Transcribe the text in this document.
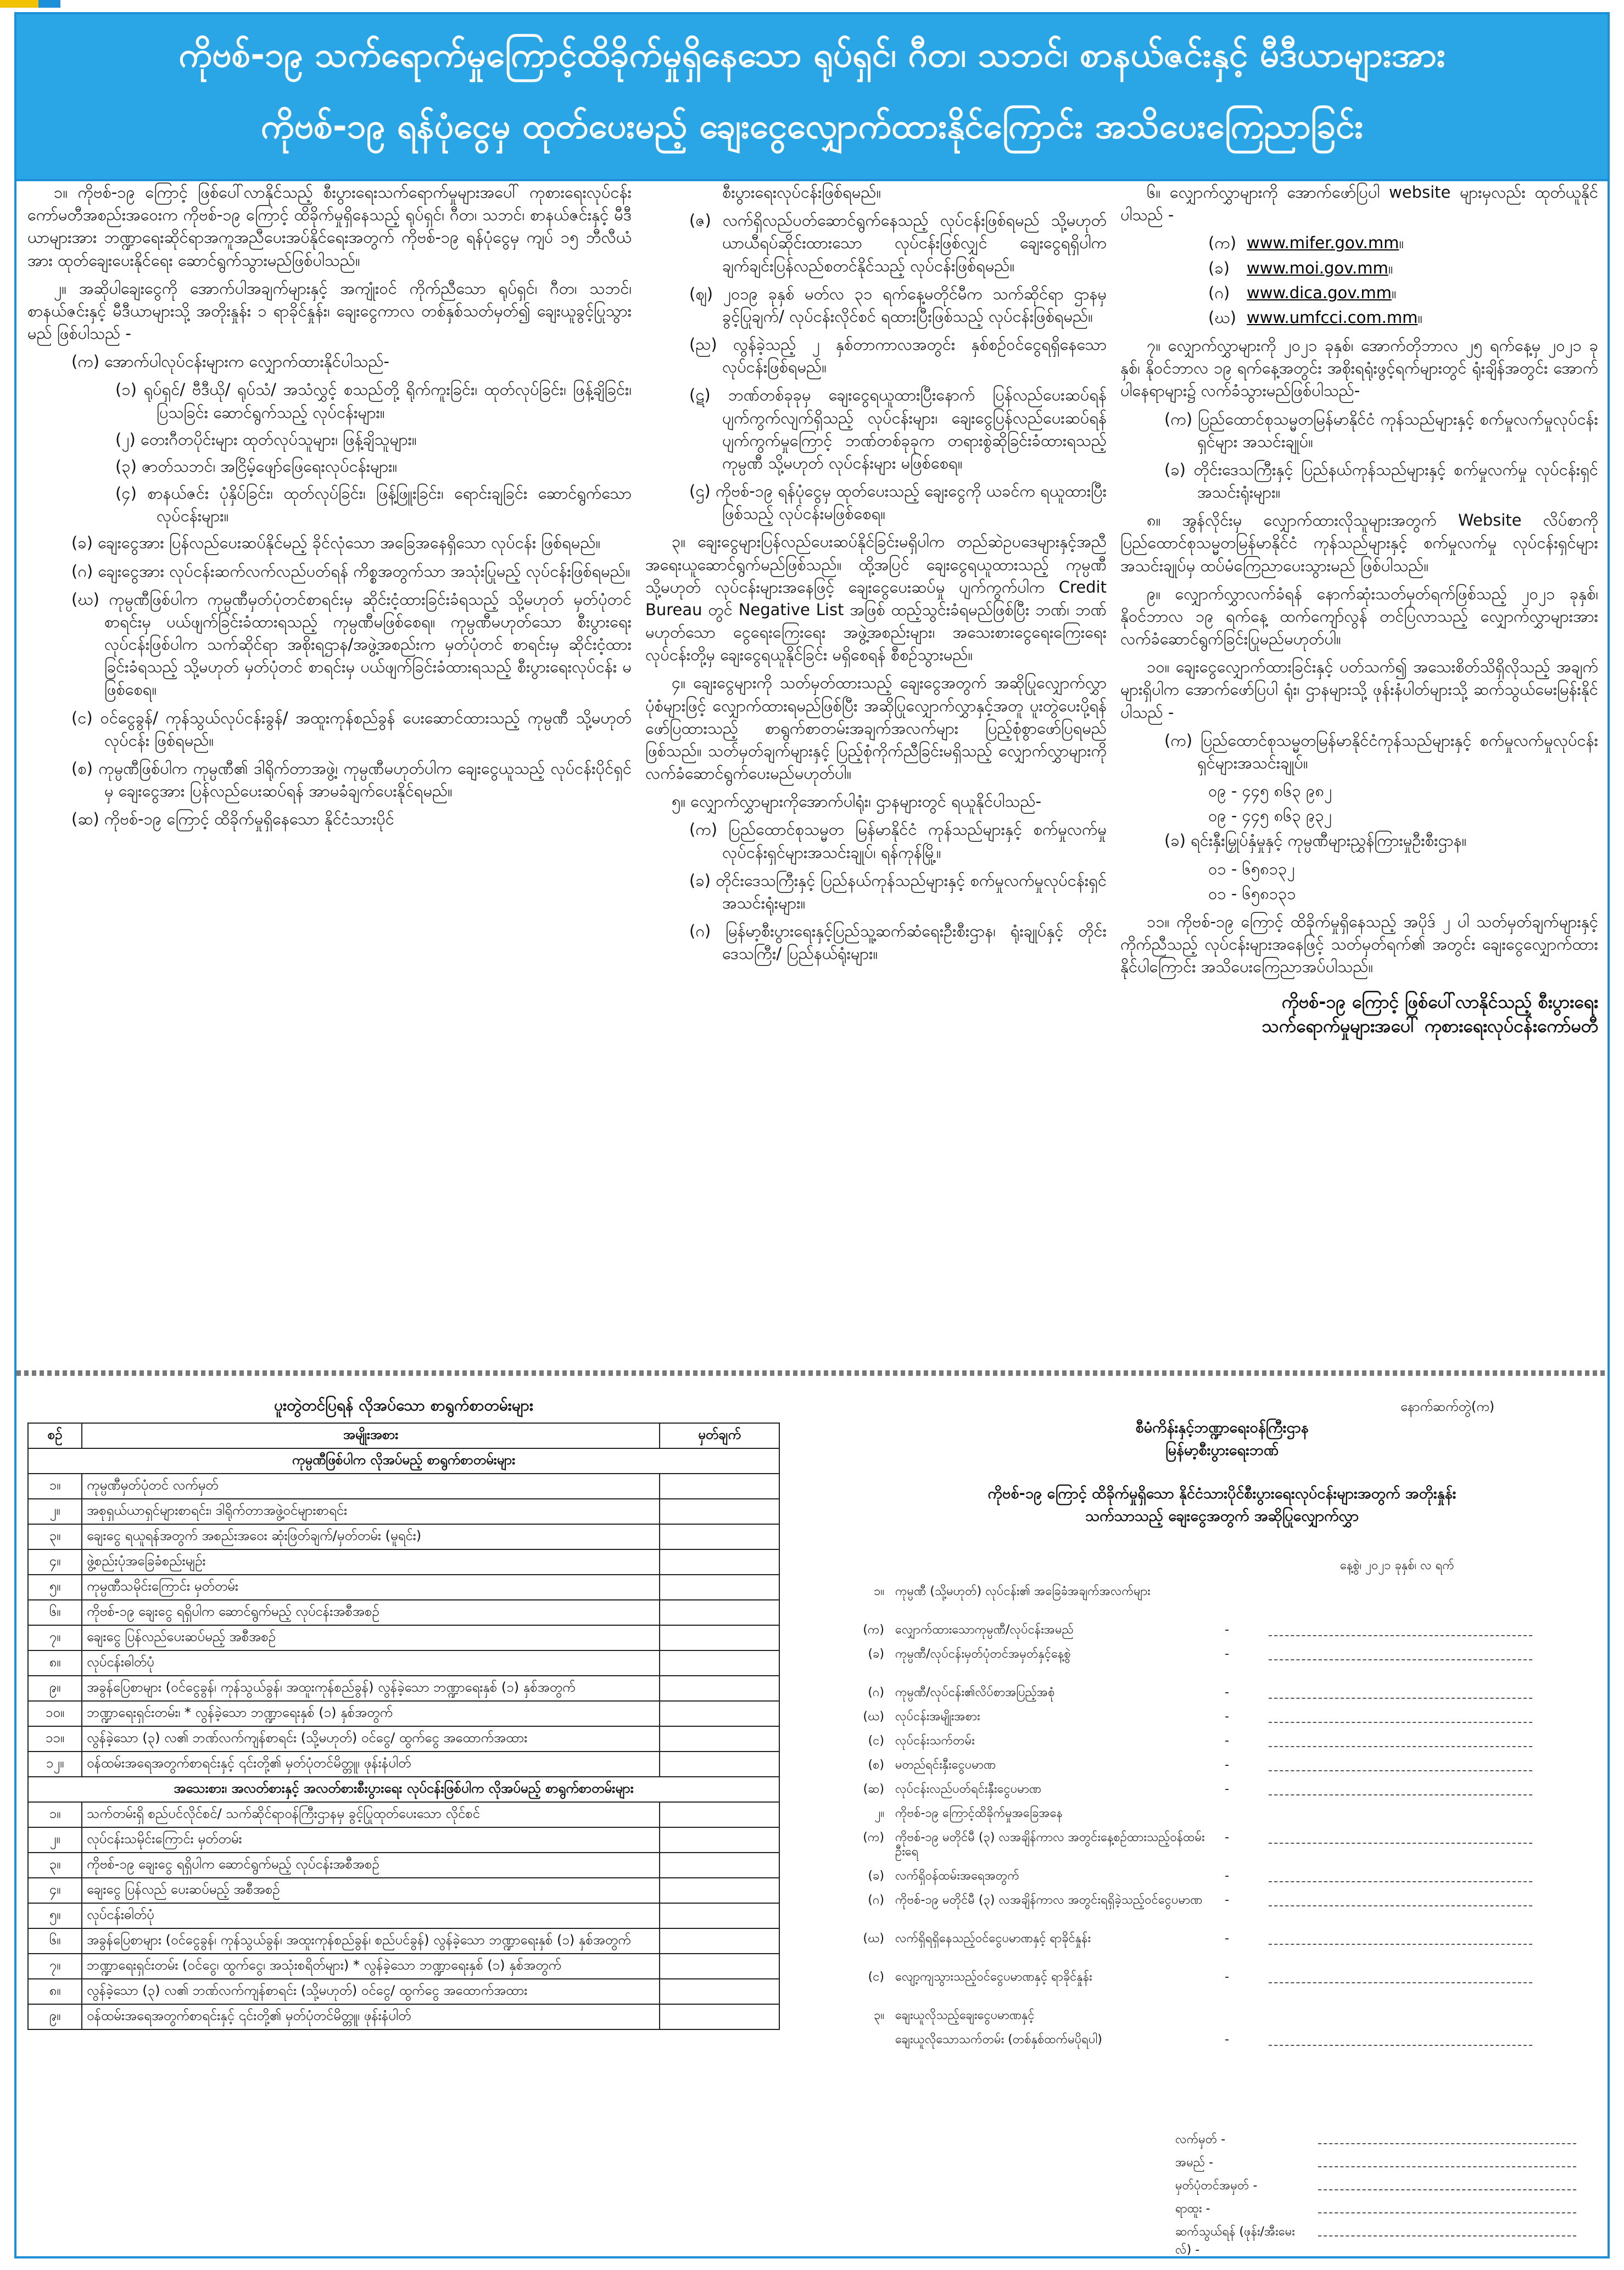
ကိုဗစ်-၁၉ သက်ရောက်မှုကြောင့်ထိခိုက်မှုရှိနေသော ရုပ်ရှင်၊ ဂီတ၊ သဘင်၊ စာနယ်ဇင်းနှင့် မီဒီယာများအား
ကိုဗစ်-၁၉ ရန်ပုံငွေမှ ထုတ်ပေးမည့် ချေးငွေလျှောက်ထားနိုင်ကြောင်း အသိပေးကြေညာခြင်း

၁။ ကိုဗစ်-၁၉ ကြောင့် ဖြစ်ပေါ်လာနိုင်သည့် စီးပွားရေးသက်ရောက်မှုများအပေါ် ကုစားရေးလုပ်ငန်းကော်မတီအစည်းအဝေးက ကိုဗစ်-၁၉ ကြောင့် ထိခိုက်မှုရှိနေသည့် ရုပ်ရှင်၊ ဂီတ၊ သဘင်၊ စာနယ်ဇင်းနှင့် မီဒီယာများအား ဘဏ္ဍာရေးဆိုင်ရာအကူအညီပေးအပ်နိုင်ရေးအတွက် ကိုဗစ်-၁၉ ရန်ပုံငွေမှ ကျပ် ၁၅ ဘီလီယံအား ထုတ်ချေးပေးနိုင်ရေး ဆောင်ရွက်သွားမည်ဖြစ်ပါသည်။

၂။ အဆိုပါချေးငွေကို အောက်ပါအချက်များနှင့် အကျုံးဝင် ကိုက်ညီသော ရုပ်ရှင်၊ ဂီတ၊ သဘင်၊ စာနယ်ဇင်းနှင့် မီဒီယာများသို့ အတိုးနှုန်း ၁ ရာခိုင်နှုန်း၊ ချေးငွေကာလ တစ်နှစ်သတ်မှတ်၍ ချေးယူခွင့်ပြုသွားမည် ဖြစ်ပါသည် -

(က) အောက်ပါလုပ်ငန်းများက လျှောက်ထားနိုင်ပါသည်-

(၁) ရုပ်ရှင်/ ဗီဒီယို/ ရုပ်သံ/ အသံလွှင့် စသည်တို့ ရိုက်ကူးခြင်း၊ ထုတ်လုပ်ခြင်း၊ ဖြန့်ချိခြင်း၊ ပြသခြင်း ဆောင်ရွက်သည့် လုပ်ငန်းများ။

(၂) တေးဂီတပိုင်းများ ထုတ်လုပ်သူများ၊ ဖြန့်ချိသူများ။

(၃) ဇာတ်သဘင်၊ အငြိမ့်ဖျော်ဖြေရေးလုပ်ငန်းများ။

(၄) စာနယ်ဇင်း ပုံနှိပ်ခြင်း၊ ထုတ်လုပ်ခြင်း၊ ဖြန့်ဖြူးခြင်း၊ ရောင်းချခြင်း ဆောင်ရွက်သော လုပ်ငန်းများ။

(ခ) ချေးငွေအား ပြန်လည်ပေးဆပ်နိုင်မည့် ခိုင်လုံသော အခြေအနေရှိသော လုပ်ငန်း ဖြစ်ရမည်။

(ဂ) ချေးငွေအား လုပ်ငန်းဆက်လက်လည်ပတ်ရန် ကိစ္စအတွက်သာ အသုံးပြုမည့် လုပ်ငန်းဖြစ်ရမည်။

(ဃ) ကုမ္ပဏီဖြစ်ပါက ကုမ္ပဏီမှတ်ပုံတင်စာရင်းမှ ဆိုင်းငံ့ထားခြင်းခံရသည့် သို့မဟုတ် မှတ်ပုံတင်စာရင်းမှ ပယ်ဖျက်ခြင်းခံထားရသည့် ကုမ္ပဏီမဖြစ်စေရ။ ကုမ္ပဏီမဟုတ်သော စီးပွားရေးလုပ်ငန်းဖြစ်ပါက သက်ဆိုင်ရာ အစိုးရဌာန/အဖွဲ့အစည်းက မှတ်ပုံတင် စာရင်းမှ ဆိုင်းငံ့ထားခြင်းခံရသည့် သို့မဟုတ် မှတ်ပုံတင် စာရင်းမှ ပယ်ဖျက်ခြင်းခံထားရသည့် စီးပွားရေးလုပ်ငန်း မဖြစ်စေရ။

(င) ဝင်ငွေခွန်/ ကုန်သွယ်လုပ်ငန်းခွန်/ အထူးကုန်စည်ခွန် ပေးဆောင်ထားသည့် ကုမ္ပဏီ သို့မဟုတ် လုပ်ငန်း ဖြစ်ရမည်။

(စ) ကုမ္ပဏီဖြစ်ပါက ကုမ္ပဏီ၏ ဒါရိုက်တာအဖွဲ့၊ ကုမ္ပဏီမဟုတ်ပါက ချေးငွေယူသည့် လုပ်ငန်းပိုင်ရှင်မှ ချေးငွေအား ပြန်လည်ပေးဆပ်ရန် အာမခံချက်ပေးနိုင်ရမည်။

(ဆ) ကိုဗစ်-၁၉ ကြောင့် ထိခိုက်မှုရှိနေသော နိုင်ငံသားပိုင်

စီးပွားရေးလုပ်ငန်းဖြစ်ရမည်။

(ဇ) လက်ရှိလည်ပတ်ဆောင်ရွက်နေသည့် လုပ်ငန်းဖြစ်ရမည် သို့မဟုတ် ယာယီရပ်ဆိုင်းထားသော လုပ်ငန်းဖြစ်လျှင် ချေးငွေရရှိပါက ချက်ချင်းပြန်လည်စတင်နိုင်သည့် လုပ်ငန်းဖြစ်ရမည်။

(ဈ) ၂၀၁၉ ခုနှစ် မတ်လ ၃၁ ရက်နေ့မတိုင်မီက သက်ဆိုင်ရာ ဌာနမှ ခွင့်ပြုချက်/ လုပ်ငန်းလိုင်စင် ရထားပြီးဖြစ်သည့် လုပ်ငန်းဖြစ်ရမည်။

(ည) လွန်ခဲ့သည့် ၂ နှစ်တာကာလအတွင်း နှစ်စဉ်ဝင်ငွေရရှိနေသော လုပ်ငန်းဖြစ်ရမည်။

(ဋ) ဘဏ်တစ်ခုခုမှ ချေးငွေရယူထားပြီးနောက် ပြန်လည်ပေးဆပ်ရန် ပျက်ကွက်လျက်ရှိသည့် လုပ်ငန်းများ၊ ချေးငွေပြန်လည်ပေးဆပ်ရန် ပျက်ကွက်မှုကြောင့် ဘဏ်တစ်ခုခုက တရားစွဲဆိုခြင်းခံထားရသည့် ကုမ္ပဏီ သို့မဟုတ် လုပ်ငန်းများ မဖြစ်စေရ။

(ဌ) ကိုဗစ်-၁၉ ရန်ပုံငွေမှ ထုတ်ပေးသည့် ချေးငွေကို ယခင်က ရယူထားပြီးဖြစ်သည့် လုပ်ငန်းမဖြစ်စေရ။

၃။ ချေးငွေများပြန်လည်ပေးဆပ်နိုင်ခြင်းမရှိပါက တည်ဆဲဥပဒေများနှင့်အညီ အရေးယူဆောင်ရွက်မည်ဖြစ်သည်။ ထို့အပြင် ချေးငွေရယူထားသည့် ကုမ္ပဏီ သို့မဟုတ် လုပ်ငန်းများအနေဖြင့် ချေးငွေပေးဆပ်မှု ပျက်ကွက်ပါက Credit Bureau တွင် Negative List အဖြစ် ထည့်သွင်းခံရမည်ဖြစ်ပြီး ဘဏ်၊ ဘဏ်မဟုတ်သော ငွေရေးကြေးရေး အဖွဲ့အစည်းများ၊ အသေးစားငွေရေးကြေးရေးလုပ်ငန်းတို့မှ ချေးငွေရယူနိုင်ခြင်း မရှိစေရန် စီစဉ်သွားမည်။

၄။ ချေးငွေများကို သတ်မှတ်ထားသည့် ချေးငွေအတွက် အဆိုပြုလျှောက်လွှာပုံစံများဖြင့် လျှောက်ထားရမည်ဖြစ်ပြီး အဆိုပြုလျှောက်လွှာနှင့်အတူ ပူးတွဲပေးပို့ရန်ဖော်ပြထားသည့် စာရွက်စာတမ်းအချက်အလက်များ ပြည့်စုံစွာဖော်ပြရမည်ဖြစ်သည်။ သတ်မှတ်ချက်များနှင့် ပြည့်စုံကိုက်ညီခြင်းမရှိသည့် လျှောက်လွှာများကို လက်ခံဆောင်ရွက်ပေးမည်မဟုတ်ပါ။

၅။ လျှောက်လွှာများကိုအောက်ပါရုံး၊ ဌာနများတွင် ရယူနိုင်ပါသည်-

(က) ပြည်ထောင်စုသမ္မတ မြန်မာနိုင်ငံ ကုန်သည်များနှင့် စက်မှုလက်မှု လုပ်ငန်းရှင်များအသင်းချုပ်၊ ရန်ကုန်မြို့။

(ခ) တိုင်းဒေသကြီးနှင့် ပြည်နယ်ကုန်သည်များနှင့် စက်မှုလက်မှုလုပ်ငန်းရှင်အသင်းရုံးများ။

(ဂ) မြန်မာ့စီးပွားရေးနှင့်ပြည်သူ့ဆက်ဆံရေးဦးစီးဌာန၊ ရုံးချုပ်နှင့် တိုင်းဒေသကြီး/ ပြည်နယ်ရုံးများ။

၆။ လျှောက်လွှာများကို အောက်ဖော်ပြပါ website များမှလည်း ထုတ်ယူနိုင်ပါသည် -

(က) www.mifer.gov.mm။

(ခ) www.moi.gov.mm။

(ဂ) www.dica.gov.mm။

(ဃ) www.umfcci.com.mm။

၇။ လျှောက်လွှာများကို ၂၀၂၁ ခုနှစ်၊ အောက်တိုဘာလ ၂၅ ရက်နေ့မှ ၂၀၂၁ ခုနှစ်၊ နိုဝင်ဘာလ ၁၉ ရက်နေ့အတွင်း အစိုးရရုံးဖွင့်ရက်များတွင် ရုံးချိန်အတွင်း အောက်ပါနေရာများ၌ လက်ခံသွားမည်ဖြစ်ပါသည်-

(က) ပြည်ထောင်စုသမ္မတမြန်မာနိုင်ငံ ကုန်သည်များနှင့် စက်မှုလက်မှုလုပ်ငန်းရှင်များ အသင်းချုပ်။

(ခ) တိုင်းဒေသကြီးနှင့် ပြည်နယ်ကုန်သည်များနှင့် စက်မှုလက်မှု လုပ်ငန်းရှင်အသင်းရုံးများ။

၈။ အွန်လိုင်းမှ လျှောက်ထားလိုသူများအတွက် Website လိပ်စာကို ပြည်ထောင်စုသမ္မတမြန်မာနိုင်ငံ ကုန်သည်များနှင့် စက်မှုလက်မှု လုပ်ငန်းရှင်များအသင်းချုပ်မှ ထပ်မံကြေညာပေးသွားမည် ဖြစ်ပါသည်။

၉။ လျှောက်လွှာလက်ခံရန် နောက်ဆုံးသတ်မှတ်ရက်ဖြစ်သည့် ၂၀၂၁ ခုနှစ်၊ နိုဝင်ဘာလ ၁၉ ရက်နေ့ ထက်ကျော်လွန် တင်ပြလာသည့် လျှောက်လွှာများအား လက်ခံဆောင်ရွက်ခြင်းပြုမည်မဟုတ်ပါ။

၁၀။ ချေးငွေလျှောက်ထားခြင်းနှင့် ပတ်သက်၍ အသေးစိတ်သိရှိလိုသည့် အချက်များရှိပါက အောက်ဖော်ပြပါ ရုံး၊ ဌာနများသို့ ဖုန်းနံပါတ်များသို့ ဆက်သွယ်မေးမြန်းနိုင်ပါသည် -

(က) ပြည်ထောင်စုသမ္မတမြန်မာနိုင်ငံကုန်သည်များနှင့် စက်မှုလက်မှုလုပ်ငန်းရှင်များအသင်းချုပ်။

၀၉ - ၄၄၅ ၈၆၃ ၉၈၂

၀၉ - ၄၄၅ ၈၆၃ ၉၃၂

(ခ) ရင်းနှီးမြှုပ်နှံမှုနှင့် ကုမ္ပဏီများညွှန်ကြားမှုဦးစီးဌာန။

၀၁ - ၆၅၈၁၃၂

၀၁ - ၆၅၈၁၃၁

၁၁။ ကိုဗစ်-၁၉ ကြောင့် ထိခိုက်မှုရှိနေသည့် အပိုဒ် ၂ ပါ သတ်မှတ်ချက်များနှင့် ကိုက်ညီသည့် လုပ်ငန်းများအနေဖြင့် သတ်မှတ်ရက်၏ အတွင်း ချေးငွေလျှောက်ထားနိုင်ပါကြောင်း အသိပေးကြေညာအပ်ပါသည်။

ကိုဗစ်-၁၉ ကြောင့် ဖြစ်ပေါ်လာနိုင်သည့် စီးပွားရေး
သက်ရောက်မှုများအပေါ် ကုစားရေးလုပ်ငန်းကော်မတီ
ပူးတွဲတင်ပြရန် လိုအပ်သော စာရွက်စာတမ်းများ
စဉ်	အမျိုးအစား	မှတ်ချက်
ကုမ္ပဏီဖြစ်ပါက လိုအပ်မည့် စာရွက်စာတမ်းများ		
၁။	ကုမ္ပဏီမှတ်ပုံတင် လက်မှတ်	
၂။	အစုရှယ်ယာရှင်များစာရင်း၊ ဒါရိုက်တာအဖွဲ့ဝင်များစာရင်း	
၃။	ချေးငွေ ရယူရန်အတွက် အစည်းအဝေး ဆုံးဖြတ်ချက်/မှတ်တမ်း (မူရင်း)	
၄။	ဖွဲ့စည်းပုံအခြေခံစည်းမျဉ်း	
၅။	ကုမ္ပဏီသမိုင်းကြောင်း မှတ်တမ်း	
၆။	ကိုဗစ်-၁၉ ချေးငွေ ရရှိပါက ဆောင်ရွက်မည့် လုပ်ငန်းအစီအစဉ်	
၇။	ချေးငွေ ပြန်လည်ပေးဆပ်မည့် အစီအစဉ်	
၈။	လုပ်ငန်းဓါတ်ပုံ	
၉။	အခွန်ပြေစာများ (ဝင်ငွေခွန်၊ ကုန်သွယ်ခွန်၊ အထူးကုန်စည်ခွန်) လွန်ခဲ့သော ဘဏ္ဍာရေးနှစ် (၁) နှစ်အတွက်	
၁၀။	ဘဏ္ဍာရေးရှင်းတမ်း၊ * လွန်ခဲ့သော ဘဏ္ဍာရေးနှစ် (၁) နှစ်အတွက်	
၁၁။	လွန်ခဲ့သော (၃) လ၏ ဘဏ်လက်ကျန်စာရင်း (သို့မဟုတ်) ဝင်ငွေ/ ထွက်ငွေ အထောက်အထား	
၁၂။	ဝန်ထမ်းအရေအတွက်စာရင်းနှင့် ၎င်းတို့၏ မှတ်ပုံတင်မိတ္တူ၊ ဖုန်းနံပါတ်	
အသေးစား၊ အလတ်စားနှင့် အလတ်စားစီးပွားရေး လုပ်ငန်းဖြစ်ပါက လိုအပ်မည့် စာရွက်စာတမ်းများ		
၁။	သက်တမ်းရှိ စည်ပင်လိုင်စင်/ သက်ဆိုင်ရာဝန်ကြီးဌာနမှ ခွင့်ပြုထုတ်ပေးသော လိုင်စင်	
၂။	လုပ်ငန်းသမိုင်းကြောင်း မှတ်တမ်း	
၃။	ကိုဗစ်-၁၉ ချေးငွေ ရရှိပါက ဆောင်ရွက်မည့် လုပ်ငန်းအစီအစဉ်	
၄။	ချေးငွေ ပြန်လည် ပေးဆပ်မည့် အစီအစဉ်	
၅။	လုပ်ငန်းဓါတ်ပုံ	
၆။	အခွန်ပြေစာများ (ဝင်ငွေခွန်၊ ကုန်သွယ်ခွန်၊ အထူးကုန်စည်ခွန်၊ စည်ပင်ခွန်) လွန်ခဲ့သော ဘဏ္ဍာရေးနှစ် (၁) နှစ်အတွက်	
၇။	ဘဏ္ဍာရေးရှင်းတမ်း (ဝင်ငွေ၊ ထွက်ငွေ၊ အသုံးစရိတ်များ) * လွန်ခဲ့သော ဘဏ္ဍာရေးနှစ် (၁) နှစ်အတွက်	
၈။	လွန်ခဲ့သော (၃) လ၏ ဘဏ်လက်ကျန်စာရင်း (သို့မဟုတ်) ဝင်ငွေ/ ထွက်ငွေ အထောက်အထား	
၉။	ဝန်ထမ်းအရေအတွက်စာရင်းနှင့် ၎င်းတို့၏ မှတ်ပုံတင်မိတ္တူ၊ ဖုန်းနံပါတ်	
နောက်ဆက်တွဲ(က)
စီမံကိန်းနှင့်ဘဏ္ဍာရေးဝန်ကြီးဌာန
မြန်မာ့စီးပွားရေးဘဏ်
ကိုဗစ်-၁၉ ကြောင့် ထိခိုက်မှုရှိသော နိုင်ငံသားပိုင်စီးပွားရေးလုပ်ငန်းများအတွက် အတိုးနှုန်း
သက်သာသည့် ချေးငွေအတွက် အဆိုပြုလျှောက်လွှာ
နေ့စွဲ၊ ၂၀၂၁ ခုနှစ်၊ လ ရက်
၁။ ကုမ္ပဏီ (သို့မဟုတ်) လုပ်ငန်း၏ အခြေခံအချက်အလက်များ
(က) လျှောက်ထားသောကုမ္ပဏီ/လုပ်ငန်းအမည်	-
(ခ) ကုမ္ပဏီ/လုပ်ငန်းမှတ်ပုံတင်အမှတ်နှင့်နေ့စွဲ	-
(ဂ) ကုမ္ပဏီ/လုပ်ငန်း၏လိပ်စာအပြည့်အစုံ	-
(ဃ) လုပ်ငန်းအမျိုးအစား	-
(င) လုပ်ငန်းသက်တမ်း	-
(စ) မတည်ရင်းနှီးငွေပမာဏ	-
(ဆ) လုပ်ငန်းလည်ပတ်ရင်းနှီးငွေပမာဏ	-
၂။ ကိုဗစ်-၁၉ ကြောင့်ထိခိုက်မှုအခြေအနေ
(က) ကိုဗစ်-၁၉ မတိုင်မီ (၃) လအချိန်ကာလ အတွင်းနေ့စဉ်ထားသည့်ဝန်ထမ်းဦးရေ
-
(ခ) လက်ရှိဝန်ထမ်းအရေအတွက်	-
(ဂ) ကိုဗစ်-၁၉ မတိုင်မီ (၃) လအချိန်ကာလ အတွင်းရရှိခဲ့သည့်ဝင်ငွေပမာဏ	-
(ဃ) လက်ရှိရရှိနေသည့်ဝင်ငွေပမာဏနှင့် ရာခိုင်နှုန်း	-
(င) လျော့ကျသွားသည့်ဝင်ငွေပမာဏနှင့် ရာခိုင်နှုန်း	-
၃။ ချေးယူလိုသည့်ချေးငွေပမာဏနှင့်
ချေးယူလိုသောသက်တမ်း (တစ်နှစ်ထက်မပိုရပါ)	-
လက်မှတ် -
အမည် -
မှတ်ပုံတင်အမှတ် -
ရာထူး -
ဆက်သွယ်ရန် (ဖုန်း/အီးမေးလ်) -
